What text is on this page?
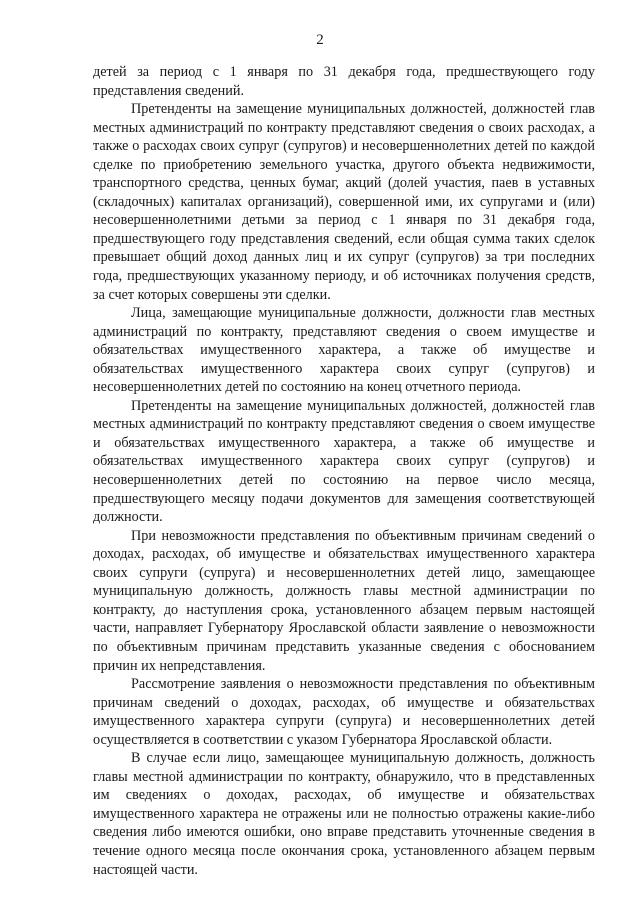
2

детей за период с 1 января по 31 декабря года, предшествующего году представления сведений.

Претенденты на замещение муниципальных должностей, должностей глав местных администраций по контракту представляют сведения о своих расходах, а также о расходах своих супруг (супругов) и несовершеннолетних детей по каждой сделке по приобретению земельного участка, другого объекта недвижимости, транспортного средства, ценных бумаг, акций (долей участия, паев в уставных (складочных) капиталах организаций), совершенной ими, их супругами и (или) несовершеннолетними детьми за период с 1 января по 31 декабря года, предшествующего году представления сведений, если общая сумма таких сделок превышает общий доход данных лиц и их супруг (супругов) за три последних года, предшествующих указанному периоду, и об источниках получения средств, за счет которых совершены эти сделки.

Лица, замещающие муниципальные должности, должности глав местных администраций по контракту, представляют сведения о своем имуществе и обязательствах имущественного характера, а также об имуществе и обязательствах имущественного характера своих супруг (супругов) и несовершеннолетних детей по состоянию на конец отчетного периода.

Претенденты на замещение муниципальных должностей, должностей глав местных администраций по контракту представляют сведения о своем имуществе и обязательствах имущественного характера, а также об имуществе и обязательствах имущественного характера своих супруг (супругов) и несовершеннолетних детей по состоянию на первое число месяца, предшествующего месяцу подачи документов для замещения соответствующей должности.

При невозможности представления по объективным причинам сведений о доходах, расходах, об имуществе и обязательствах имущественного характера своих супруги (супруга) и несовершеннолетних детей лицо, замещающее муниципальную должность, должность главы местной администрации по контракту, до наступления срока, установленного абзацем первым настоящей части, направляет Губернатору Ярославской области заявление о невозможности по объективным причинам представить указанные сведения с обоснованием причин их непредставления.

Рассмотрение заявления о невозможности представления по объективным причинам сведений о доходах, расходах, об имуществе и обязательствах имущественного характера супруги (супруга) и несовершеннолетних детей осуществляется в соответствии с указом Губернатора Ярославской области.

В случае если лицо, замещающее муниципальную должность, должность главы местной администрации по контракту, обнаружило, что в представленных им сведениях о доходах, расходах, об имуществе и обязательствах имущественного характера не отражены или не полностью отражены какие-либо сведения либо имеются ошибки, оно вправе представить уточненные сведения в течение одного месяца после окончания срока, установленного абзацем первым настоящей части.
